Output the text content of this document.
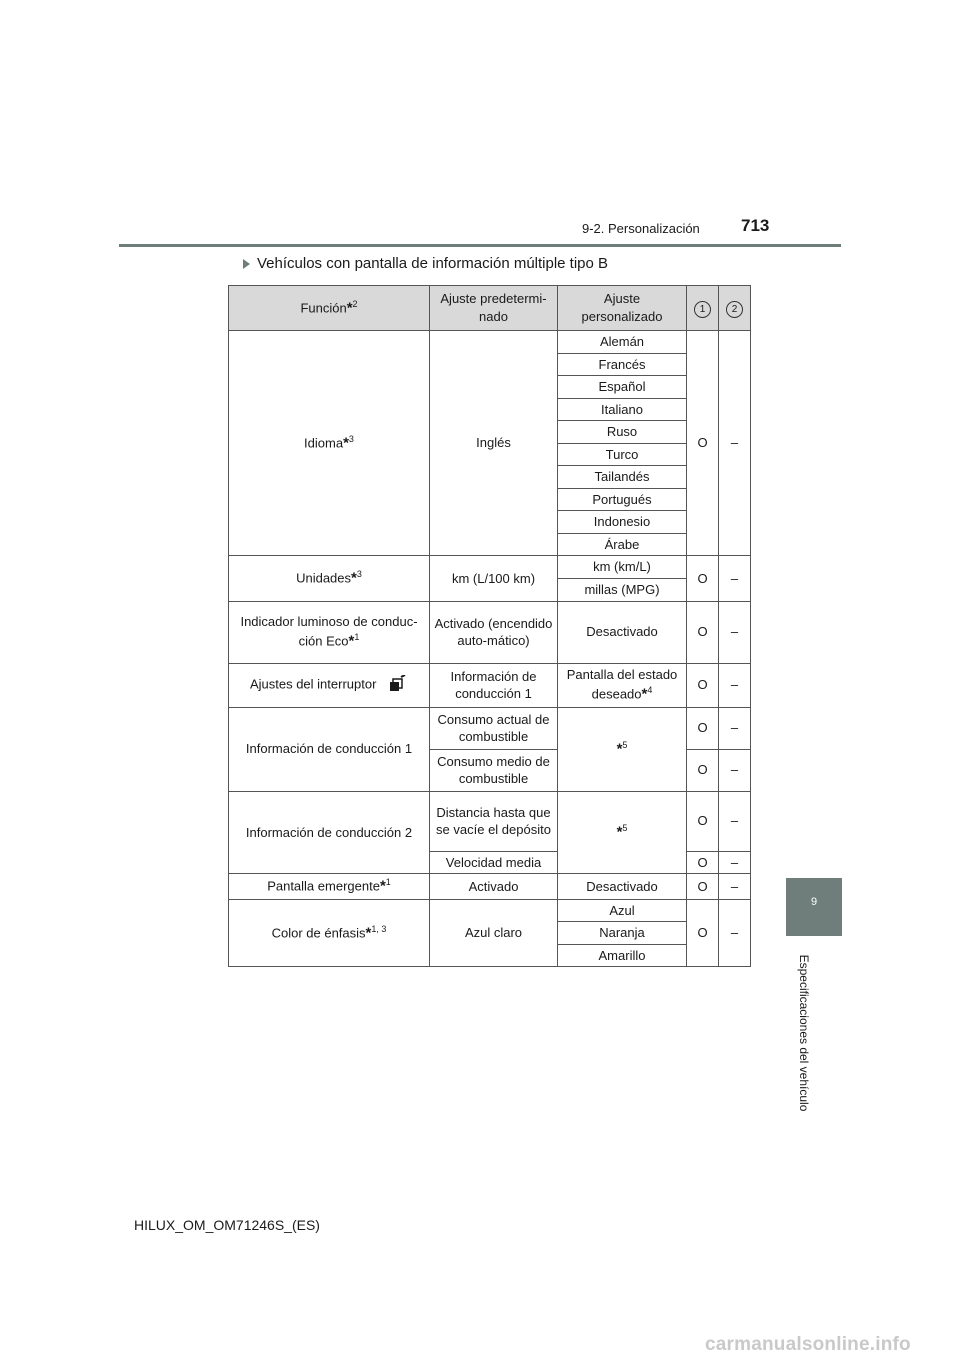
9-2. Personalización 713
Vehículos con pantalla de información múltiple tipo B
Función*$^2$	Ajuste predetermi-nado	Ajuste personalizado	1	2
Idioma*$^3$	Inglés	Alemán	O	–
		Francés		
		Español		
		Italiano		
		Ruso		
		Turco		
		Tailandés		
		Portugués		
		Indonesio		
		Árabe		
Unidades*$^3$	km (L/100 km)	km (km/L)	O	–
		millas (MPG)		
Indicador luminoso de conduc-ción Eco*$^1$	Activado (encendido auto-mático)	Desactivado	O	–
Ajustes del interruptor	Información de conducción 1	Pantalla del estado deseado*$^4$	O	–
Información de conducción 1	Consumo actual de combustible	*$^5$	O	–
	Consumo medio de combustible		O	–
Información de conducción 2	Distancia hasta que se vacíe el depósito	*$^5$	O	–
	Velocidad media		O	–
Pantalla emergente*$^1$	Activado	Desactivado	O	–
Color de énfasis*$^{1, 3}$	Azul claro	Azul	O	–
		Naranja		
		Amarillo		
9
Especificaciones del vehículo
HILUX_OM_OM71246S_(ES)
carmanualsonline.info
